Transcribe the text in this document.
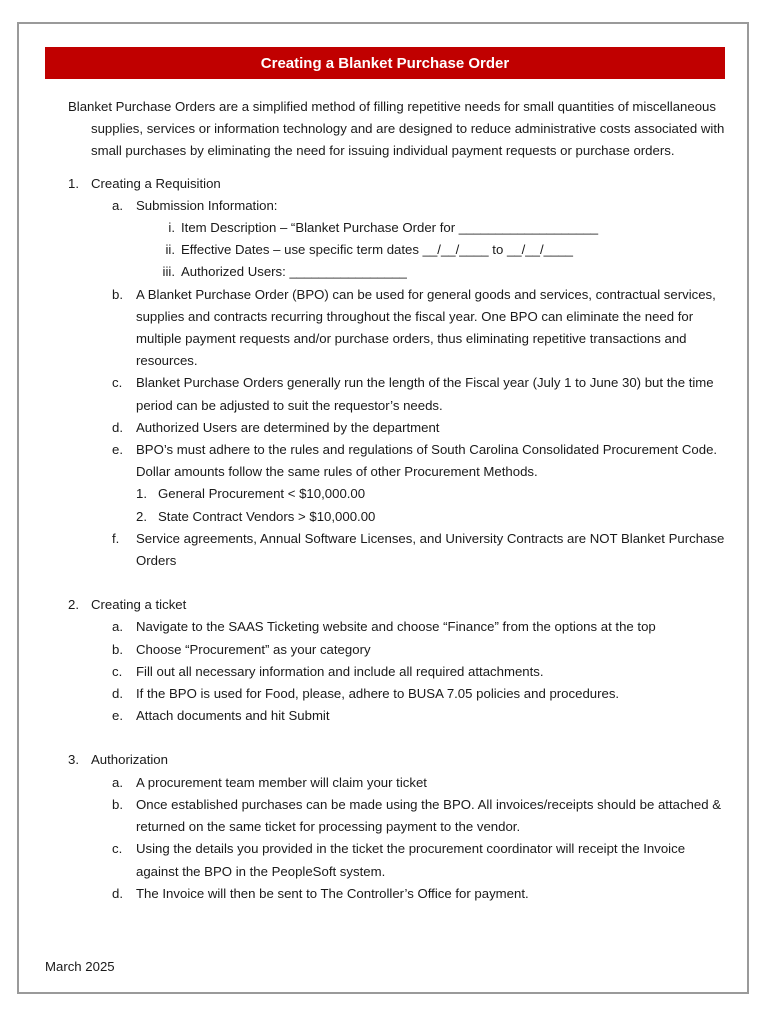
Creating a Blanket Purchase Order

Blanket Purchase Orders are a simplified method of filling repetitive needs for small quantities of miscellaneous supplies, services or information technology and are designed to reduce administrative costs associated with small purchases by eliminating the need for issuing individual payment requests or purchase orders.

1. Creating a Requisition
a. Submission Information:
i. Item Description – “Blanket Purchase Order for ___________________
ii. Effective Dates – use specific term dates __/__/____ to __/__/____
iii. Authorized Users: ________________
b. A Blanket Purchase Order (BPO) can be used for general goods and services, contractual services, supplies and contracts recurring throughout the fiscal year. One BPO can eliminate the need for multiple payment requests and/or purchase orders, thus eliminating repetitive transactions and resources.
c. Blanket Purchase Orders generally run the length of the Fiscal year (July 1 to June 30) but the time period can be adjusted to suit the requestor’s needs.
d. Authorized Users are determined by the department
e. BPO’s must adhere to the rules and regulations of South Carolina Consolidated Procurement Code. Dollar amounts follow the same rules of other Procurement Methods.
1. General Procurement < $10,000.00
2. State Contract Vendors > $10,000.00
f. Service agreements, Annual Software Licenses, and University Contracts are NOT Blanket Purchase Orders
2. Creating a ticket
a. Navigate to the SAAS Ticketing website and choose “Finance” from the options at the top
b. Choose “Procurement” as your category
c. Fill out all necessary information and include all required attachments.
d. If the BPO is used for Food, please, adhere to BUSA 7.05 policies and procedures.
e. Attach documents and hit Submit
3. Authorization
a. A procurement team member will claim your ticket
b. Once established purchases can be made using the BPO. All invoices/receipts should be attached & returned on the same ticket for processing payment to the vendor.
c. Using the details you provided in the ticket the procurement coordinator will receipt the Invoice against the BPO in the PeopleSoft system.
d. The Invoice will then be sent to The Controller’s Office for payment.
March 2025
